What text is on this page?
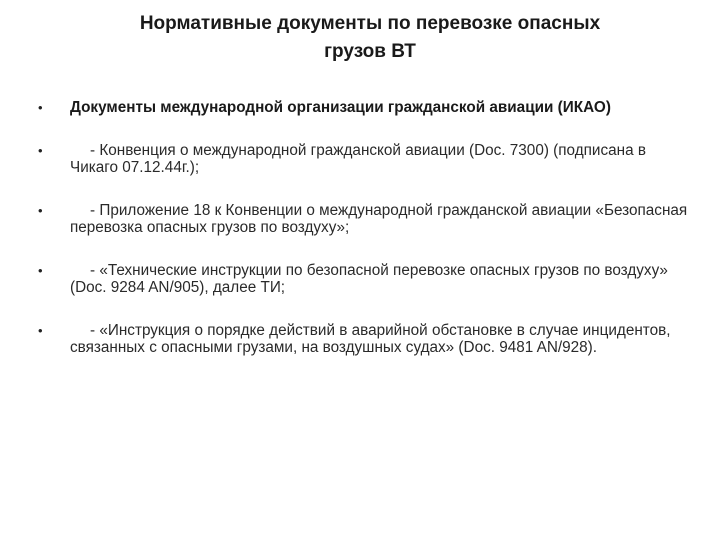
Нормативные документы по перевозке опасных
грузов ВТ
•	Документы международной организации гражданской авиации (ИКАО)
•	- Конвенция о международной гражданской авиации (Doc. 7300) (подписана в Чикаго 07.12.44г.);
•	- Приложение 18 к Конвенции о международной гражданской авиации «Безопасная перевозка опасных грузов по воздуху»;
•	- «Технические инструкции по безопасной перевозке опасных грузов по воздуху» (Doc. 9284 AN/905), далее ТИ;
•	- «Инструкция о порядке действий в аварийной обстановке в случае инцидентов, связанных с опасными грузами, на воздушных судах» (Doc. 9481 AN/928).
